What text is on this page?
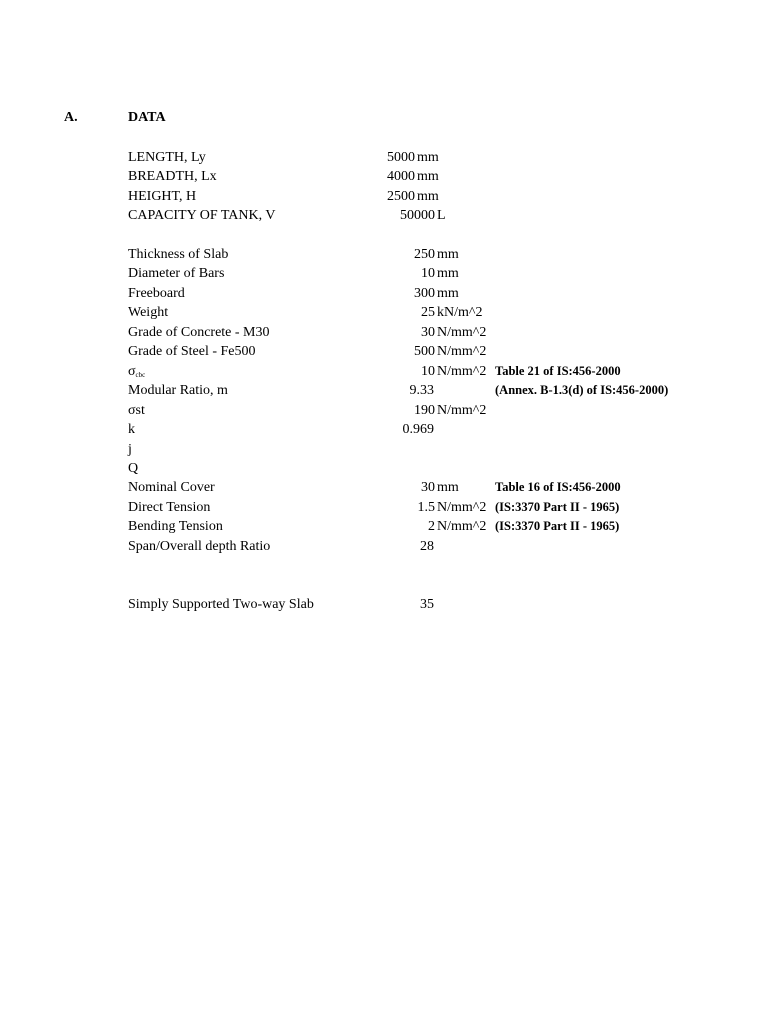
A.	DATA
LENGTH, Ly	5000 mm
BREADTH, Lx	4000 mm
HEIGHT, H	2500 mm
CAPACITY OF TANK, V	50000 L
Thickness of Slab	250 mm
Diameter of Bars	10 mm
Freeboard	300 mm
Weight	25 kN/m^2
Grade of Concrete - M30	30 N/mm^2
Grade of Steel - Fe500	500 N/mm^2
σcbc	10 N/mm^2 Table 21 of IS:456-2000
Modular Ratio, m	9.33	(Annex. B-1.3(d) of IS:456-2000)
σst	190 N/mm^2
k	0.969
j
Q
Nominal Cover	30 mm	Table 16 of IS:456-2000
Direct Tension	1.5 N/mm^2 (IS:3370 Part II - 1965)
Bending Tension	2 N/mm^2 (IS:3370 Part II - 1965)
Span/Overall depth Ratio	28
Simply Supported Two-way Slab	35
